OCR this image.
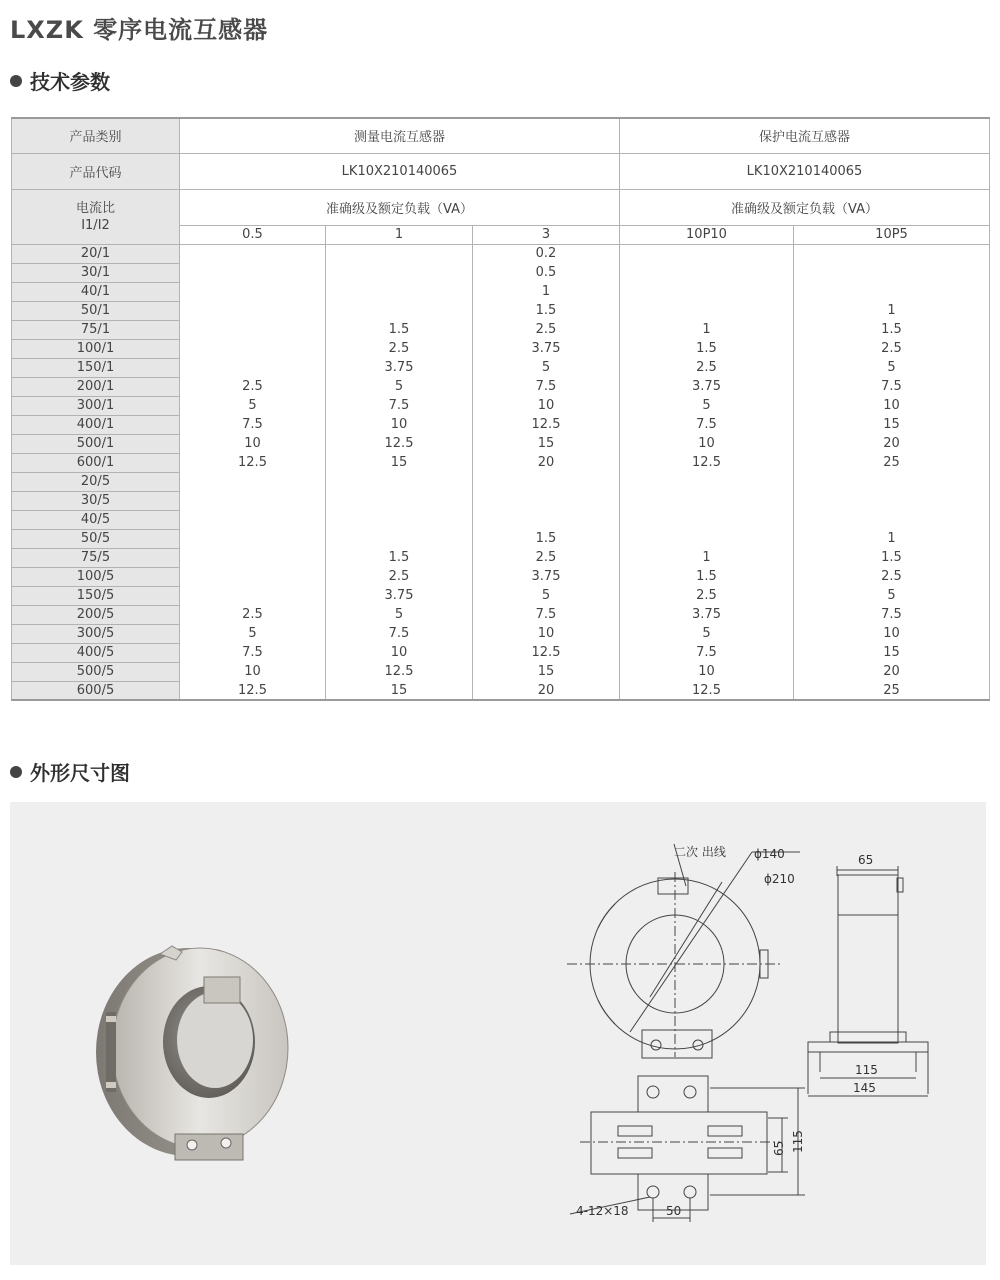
LXZK 零序电流互感器
技术参数
产品类别	测量电流互感器			保护电流互感器	
产品代码	LK10X210140065			LK10X210140065	

电流比
I1/I2	准确级及额定负载（VA）			准确级及额定负载（VA）	
	0.5	1	3	10P10	10P5
20/1			0.2		
30/1			0.5		
40/1			1		
50/1			1.5		1
75/1		1.5	2.5	1	1.5
100/1		2.5	3.75	1.5	2.5
150/1		3.75	5	2.5	5
200/1	2.5	5	7.5	3.75	7.5
300/1	5	7.5	10	5	10
400/1	7.5	10	12.5	7.5	15
500/1	10	12.5	15	10	20
600/1	12.5	15	20	12.5	25
20/5					
30/5					
40/5					
50/5			1.5		1
75/5		1.5	2.5	1	1.5
100/5		2.5	3.75	1.5	2.5
150/5		3.75	5	2.5	5
200/5	2.5	5	7.5	3.75	7.5
300/5	5	7.5	10	5	10
400/5	7.5	10	12.5	7.5	15
500/5	10	12.5	15	10	20
600/5	12.5	15	20	12.5	25
外形尺寸图
二次 出线 ϕ140
ϕ210
65
115
145
65 115
4-12×18	50
